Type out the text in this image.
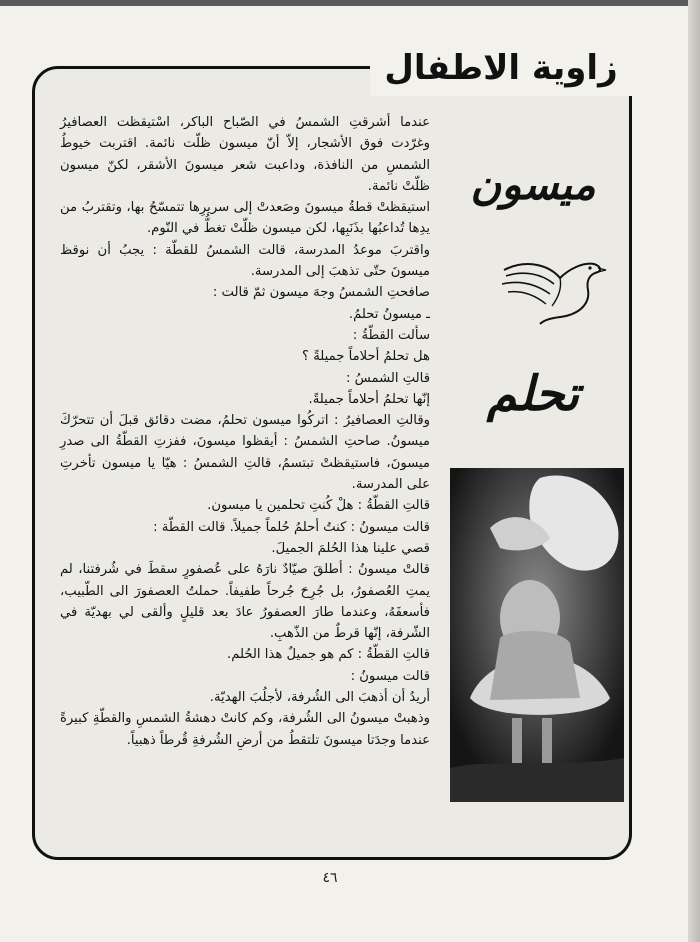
زاوية الاطفال

عندما أشرقتِ الشمسُ في الصّباح الباكر، اسْتيقظت العصافيرُ وغرّدت فوق الأشجار، إلاّ أنّ ميسون ظلّت نائمة. اقتربت خيوطُ الشمسِ من النافذة، وداعبت شعر ميسونَ الأشقر، لكنّ ميسون ظلّتْ نائمة.

استيقظتْ قطةُ ميسونَ وصَعدتْ إلى سريرِها تتمسّحُ بها، وتقتربُ من يدِها تُداعبُها بذَنَبِها، لكن ميسون ظلّتْ تغطُّ في النّوم.

واقتربَ موعدُ المدرسة، قالت الشمسُ للقطّة : يجبُ أن نوقظ ميسونَ حتّى تذهبَ إلى المدرسة.

صافحتِ الشمسُ وجهَ ميسون ثمّ قالت :

ـ ميسونُ تحلمُ.

سألت القطّةُ :

هل تحلمُ أحلاماً جميلةً ؟

قالتِ الشمسُ :

إنّها تحلمُ أحلاماً جميلةً.

وقالتِ العصافيرُ : اتركُوا ميسون تحلمُ، مضت دقائق قبلَ أن تتحرّكَ ميسونُ. صاحتِ الشمسُ : أيقظوا ميسونَ، ففزتِ القطّةُ الى صدرِ ميسونَ، فاستيقظتْ تبتسمُ، قالتِ الشمسُ : هيّا يا ميسون تأخرتِ على المدرسة.

قالتِ القطّةُ : هلْ كُنتِ تحلمين يا ميسون.

قالت ميسونُ : كنتُ أحلمُ حُلماً جميلاً. قالت القطّة :

قصي علينا هذا الحُلمَ الجميلَ.

قالتْ ميسونُ : أطلقَ صيّادٌ نارَهُ على عُصفورٍ سقطَ في شُرفتنا، لم يمتِ العُصفورُ، بل جُرِحَ جُرحاً طفيفاً. حملتُ العصفورَ الى الطّبيب، فأسعفَهُ، وعندما طارَ العصفورُ عادَ بعد قليلٍ وألقى لي بهديّة في الشّرفة، إنّها قرطٌ من الذّهبِ.

قالتِ القطّةُ : كم هو جميلٌ هذا الحُلم.

قالت ميسونُ :

أريدُ أن أذهبَ الى الشُرفة، لأجلُبَ الهديّة.

وذهبتْ ميسونُ الى الشُرفة، وكم كانتْ دهشةُ الشمسِ والقطّةِ كبيرةً عندما وجدَتا ميسونَ تلتقطُ من أرضِ الشُرفةِ قُرطاً ذهبياً.

ميسون
تحلم
٤٦
